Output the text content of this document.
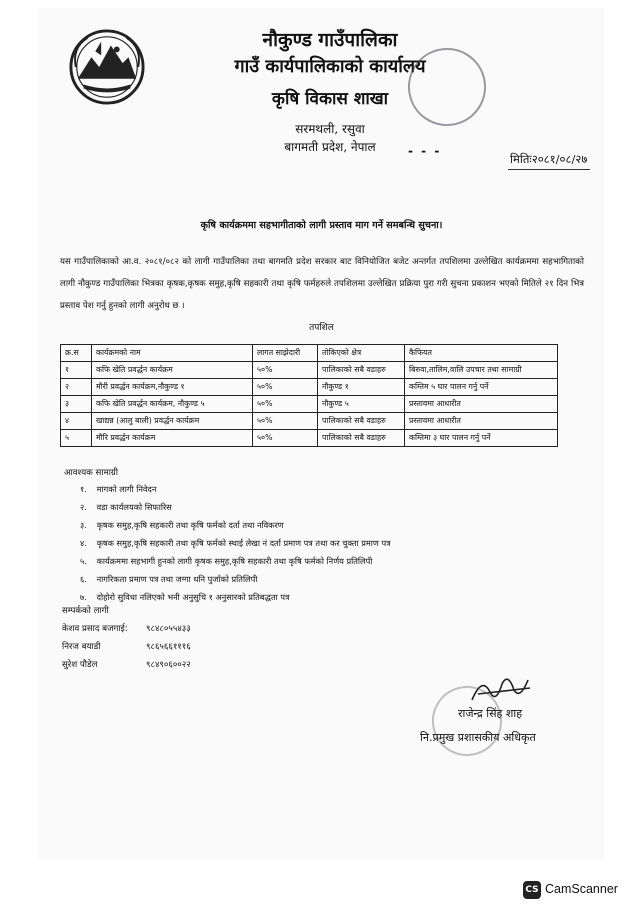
नौकुण्ड गाउँपालिका
गाउँ कार्यपालिकाको कार्यालय
कृषि विकास शाखा
सरमथली, रसुवा
बागमती प्रदेश, नेपाल	- - -
मितिः२०८१/०८/२७
कृषि कार्यक्रममा सहभागीताको लागी प्रस्ताव माग गर्ने समबन्धि सुचना।
यस गाउँपालिकाको आ.व. २०८१/०८२ को लागी गाउँपालिका तथा बागमति प्रदेश सरकार बाट विनियोजित बजेट अन्तर्गत तपशिलमा उल्लेखित कार्यक्रममा सहभागिताको लागी नौकुण्ड गाउँपालिका भित्रका कृषक,कृषक समुह,कृषि सहकारी तथा कृषि फर्महरुले तपशिलमा उल्लेखित प्रक्रिया पुरा गरी सुचना प्रकाशन भएको मितिले २१ दिन भित्र प्रस्ताव पेश गर्नु हुनको लागी अनुरोध छ ।
तपशिल
क्र.स	कार्यक्रमको नाम	लागत साझेदारी	तोकिएको क्षेत्र	कैफियत
१	कफि खेति प्रवर्द्धन कार्यक्रम	५०%	पालिकाको सबै वडाहरु	बिरुवा,तालिम,वालि उपचार तथा सामाग्री
२	मौरी प्रवर्द्धन कार्यक्रम,नौकुण्ड १	५०%	नौकुण्ड १	कम्तिम ५ घार पालन गर्नु पर्ने
३	कफि खेति प्रवर्द्धन कार्यक्रम, नौकुण्ड ५	५०%	नौकुण्ड ५	प्रस्तावमा आधारीत
४	खाद्यन्न (आलु बाली) प्रवर्द्धन कार्यक्रम	५०%	पालिकाको सबै वडाहरु	प्रस्तावमा आधारीत
५	मौरि प्रवर्द्धन कार्यक्रम	५०%	पालिकाको सबै वडाहरु	कम्तिमा ३ घार पालन गर्नु पर्ने
आवश्यक सामाग्री
१. मागको लागी निवेदन
२. वडा कार्यलयको सिफारिस
३. कृषक समुह,कृषि सहकारी तथा कृषि फर्मको दर्ता तथा नविकरण
४. कृषक समुह,कृषि सहकारी तथा कृषि फर्मको स्थाई लेखा नं दर्ता प्रमाण पत्र तथा कर चुक्ता प्रमाण पत्र
५. कार्यक्रममा सहभागी हुनको लागी कृषक समुह,कृषि सहकारी तथा कृषि फर्मको निर्णय प्रतिलिपी
६. नागरिकता प्रमाण पत्र तथा जग्गा धनि पुर्जाको प्रतिलिपी
७. दोहोरो सुविधा नलिएको भनी अनुसुचि १ अनुसारको प्रतिबद्धता पत्र
सम्पर्कको लागी
केशव प्रसाद बजगाई: ९८४८०५५४३३
निरज बयाडी	९८६५६६१११६
सुरेश पौडेल	९८४९०६००२२
राजेन्द्र सिंह शाह
नि.प्रमुख प्रशासकीय अधिकृत
CS CamScanner
